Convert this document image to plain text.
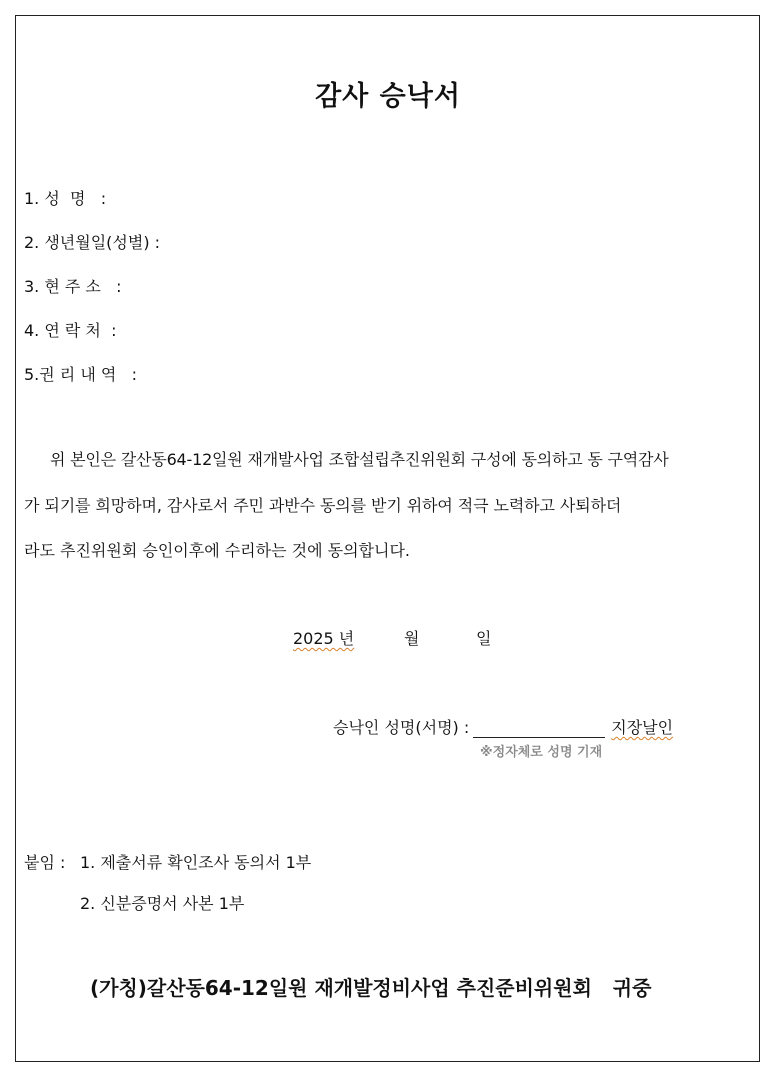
감사 승낙서
1. 성  명   :
2. 생년월일(성별) :
3. 현 주 소   :
4. 연 락 처  :
5.권 리 내 역   :
위 본인은 갈산동64-12일원 재개발사업 조합설립추진위원회 구성에 동의하고 동 구역감사
가 되기를 희망하며, 감사로서 주민 과반수 동의를 받기 위하여 적극 노력하고 사퇴하더
라도 추진위원회 승인이후에 수리하는 것에 동의합니다.
2025 년	월	일
승낙인 성명(서명) :	지장날인
※정자체로 성명 기재
붙임 : 1. 제출서류 확인조사 동의서 1부
2. 신분증명서 사본 1부
(가칭)갈산동64-12일원 재개발정비사업 추진준비위원회   귀중
